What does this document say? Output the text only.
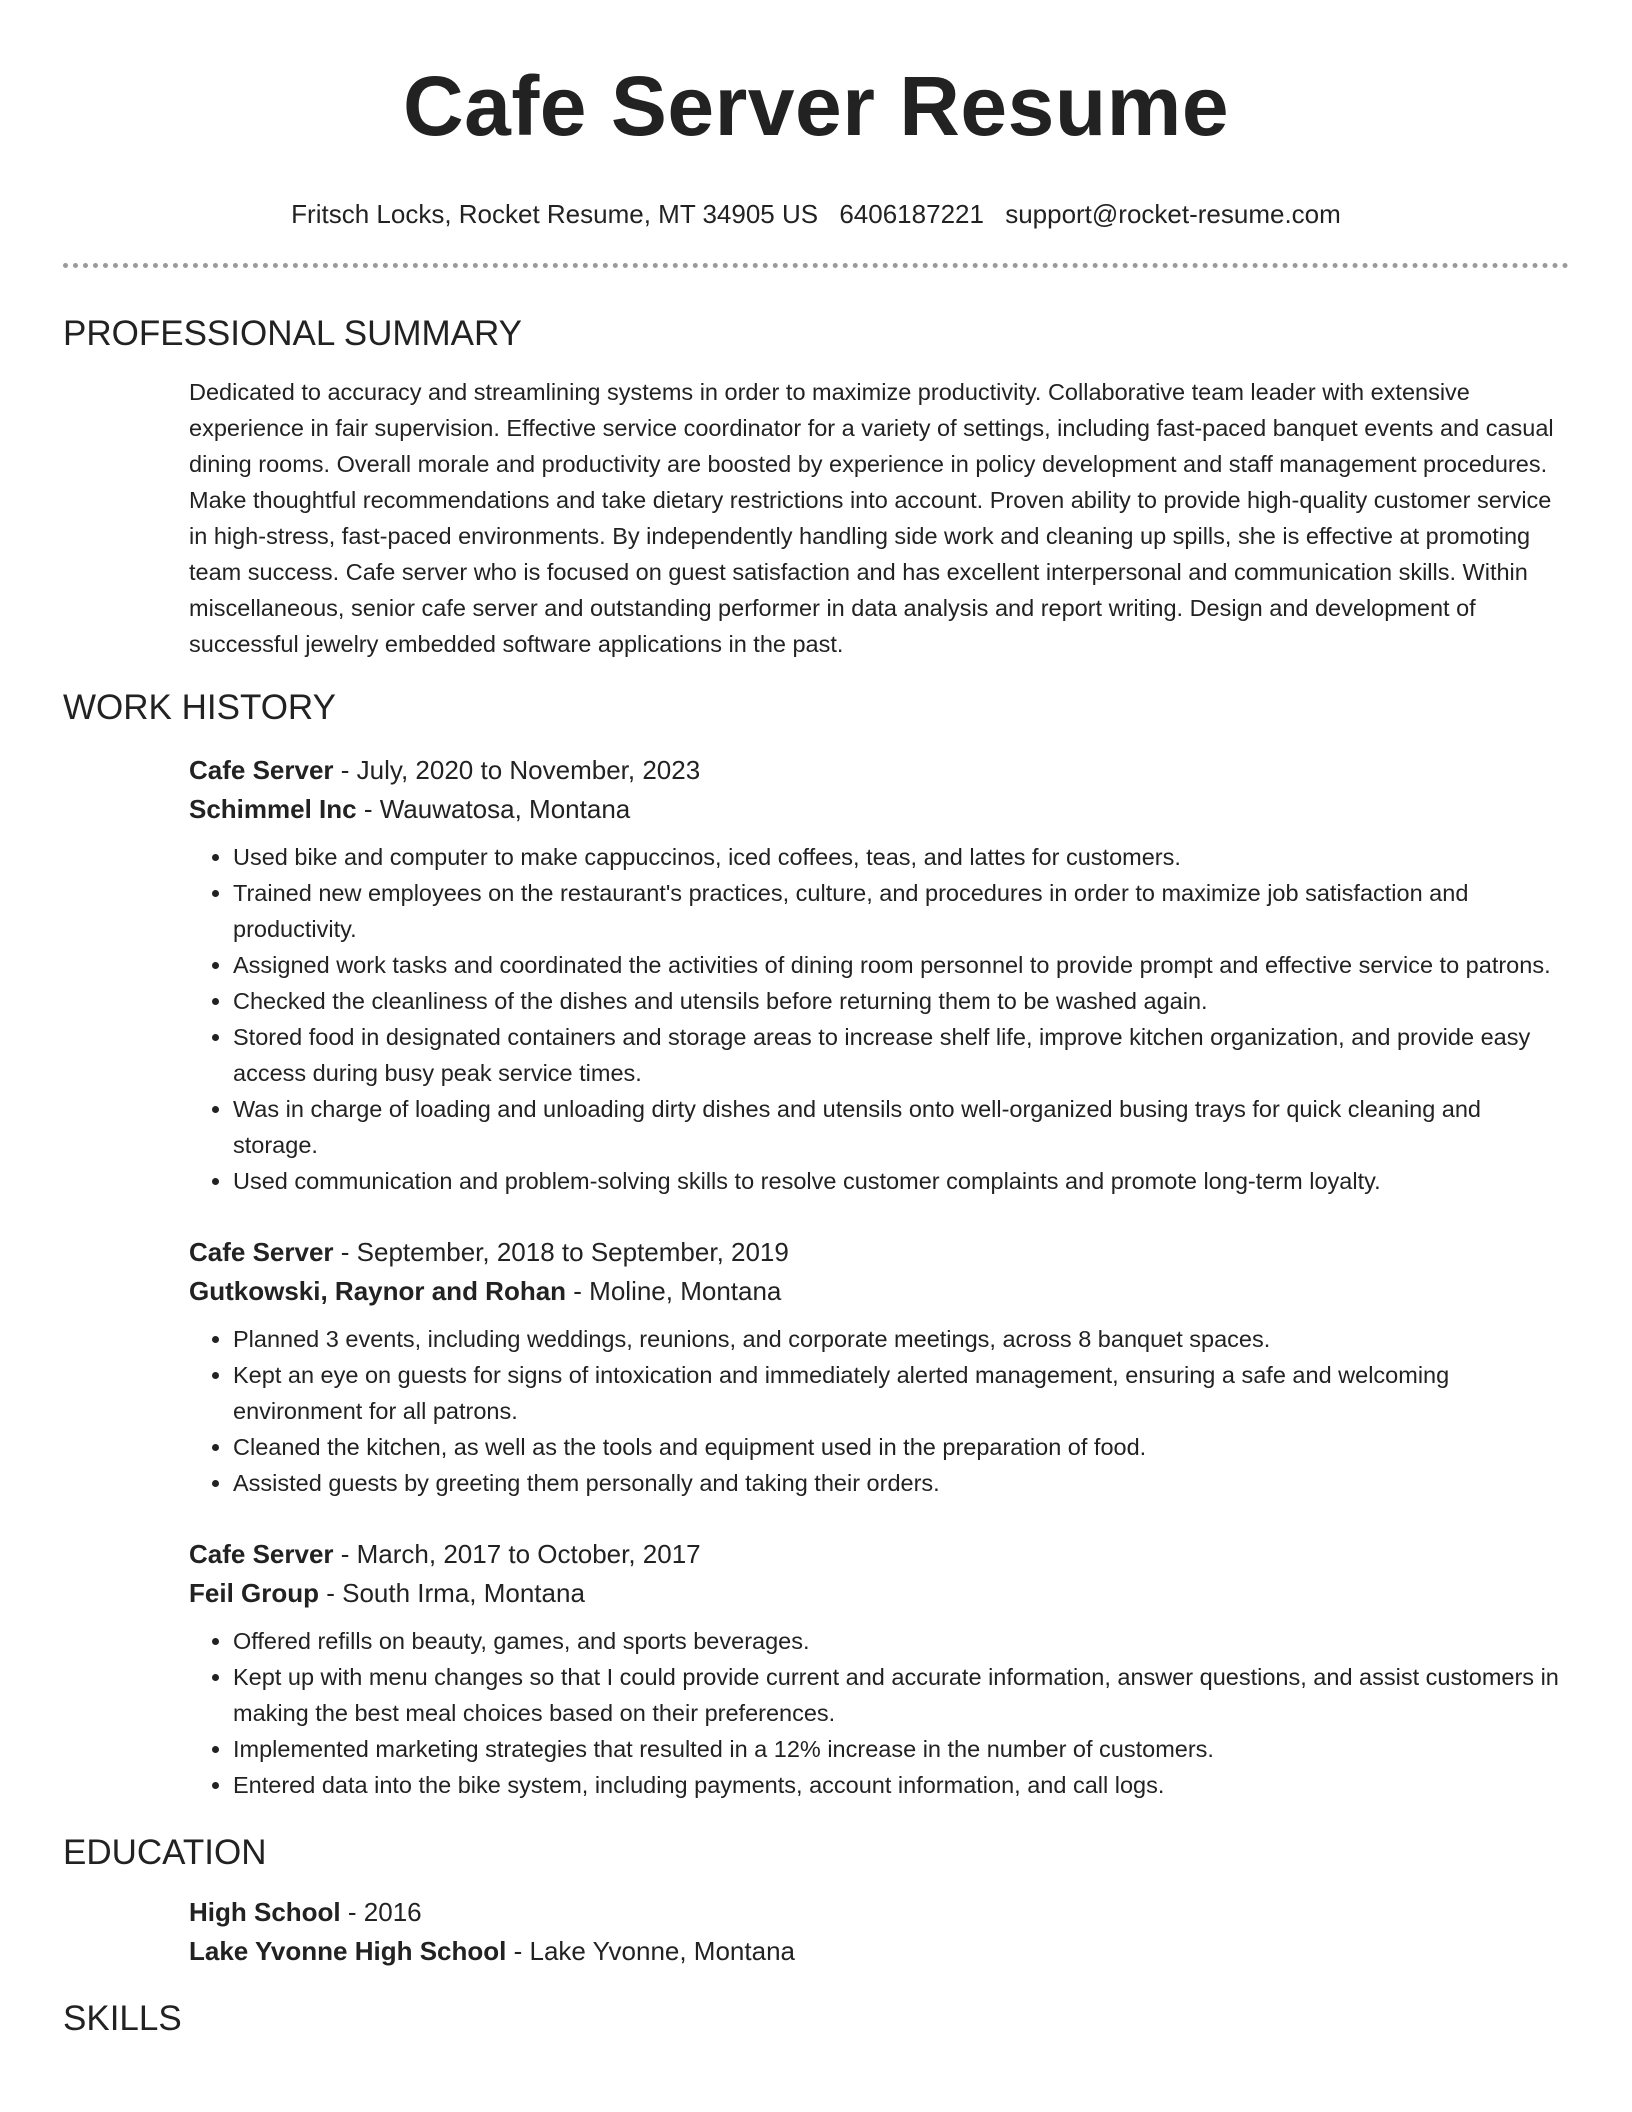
Cafe Server Resume
Fritsch Locks, Rocket Resume, MT 34905 US 6406187221 support@rocket-resume.com
PROFESSIONAL SUMMARY
Dedicated to accuracy and streamlining systems in order to maximize productivity. Collaborative team leader with extensive experience in fair supervision. Effective service coordinator for a variety of settings, including fast-paced banquet events and casual dining rooms. Overall morale and productivity are boosted by experience in policy development and staff management procedures. Make thoughtful recommendations and take dietary restrictions into account. Proven ability to provide high-quality customer service in high-stress, fast-paced environments. By independently handling side work and cleaning up spills, she is effective at promoting team success. Cafe server who is focused on guest satisfaction and has excellent interpersonal and communication skills. Within miscellaneous, senior cafe server and outstanding performer in data analysis and report writing. Design and development of successful jewelry embedded software applications in the past.
WORK HISTORY
Cafe Server - July, 2020 to November, 2023
Schimmel Inc - Wauwatosa, Montana
• Used bike and computer to make cappuccinos, iced coffees, teas, and lattes for customers.
• Trained new employees on the restaurant's practices, culture, and procedures in order to maximize job satisfaction and productivity.
• Assigned work tasks and coordinated the activities of dining room personnel to provide prompt and effective service to patrons.
• Checked the cleanliness of the dishes and utensils before returning them to be washed again.
• Stored food in designated containers and storage areas to increase shelf life, improve kitchen organization, and provide easy access during busy peak service times.
• Was in charge of loading and unloading dirty dishes and utensils onto well-organized busing trays for quick cleaning and storage.
• Used communication and problem-solving skills to resolve customer complaints and promote long-term loyalty.
Cafe Server - September, 2018 to September, 2019
Gutkowski, Raynor and Rohan - Moline, Montana
• Planned 3 events, including weddings, reunions, and corporate meetings, across 8 banquet spaces.
• Kept an eye on guests for signs of intoxication and immediately alerted management, ensuring a safe and welcoming environment for all patrons.
• Cleaned the kitchen, as well as the tools and equipment used in the preparation of food.
• Assisted guests by greeting them personally and taking their orders.
Cafe Server - March, 2017 to October, 2017
Feil Group - South Irma, Montana
• Offered refills on beauty, games, and sports beverages.
• Kept up with menu changes so that I could provide current and accurate information, answer questions, and assist customers in making the best meal choices based on their preferences.
• Implemented marketing strategies that resulted in a 12% increase in the number of customers.
• Entered data into the bike system, including payments, account information, and call logs.
EDUCATION
High School - 2016
Lake Yvonne High School - Lake Yvonne, Montana
SKILLS
